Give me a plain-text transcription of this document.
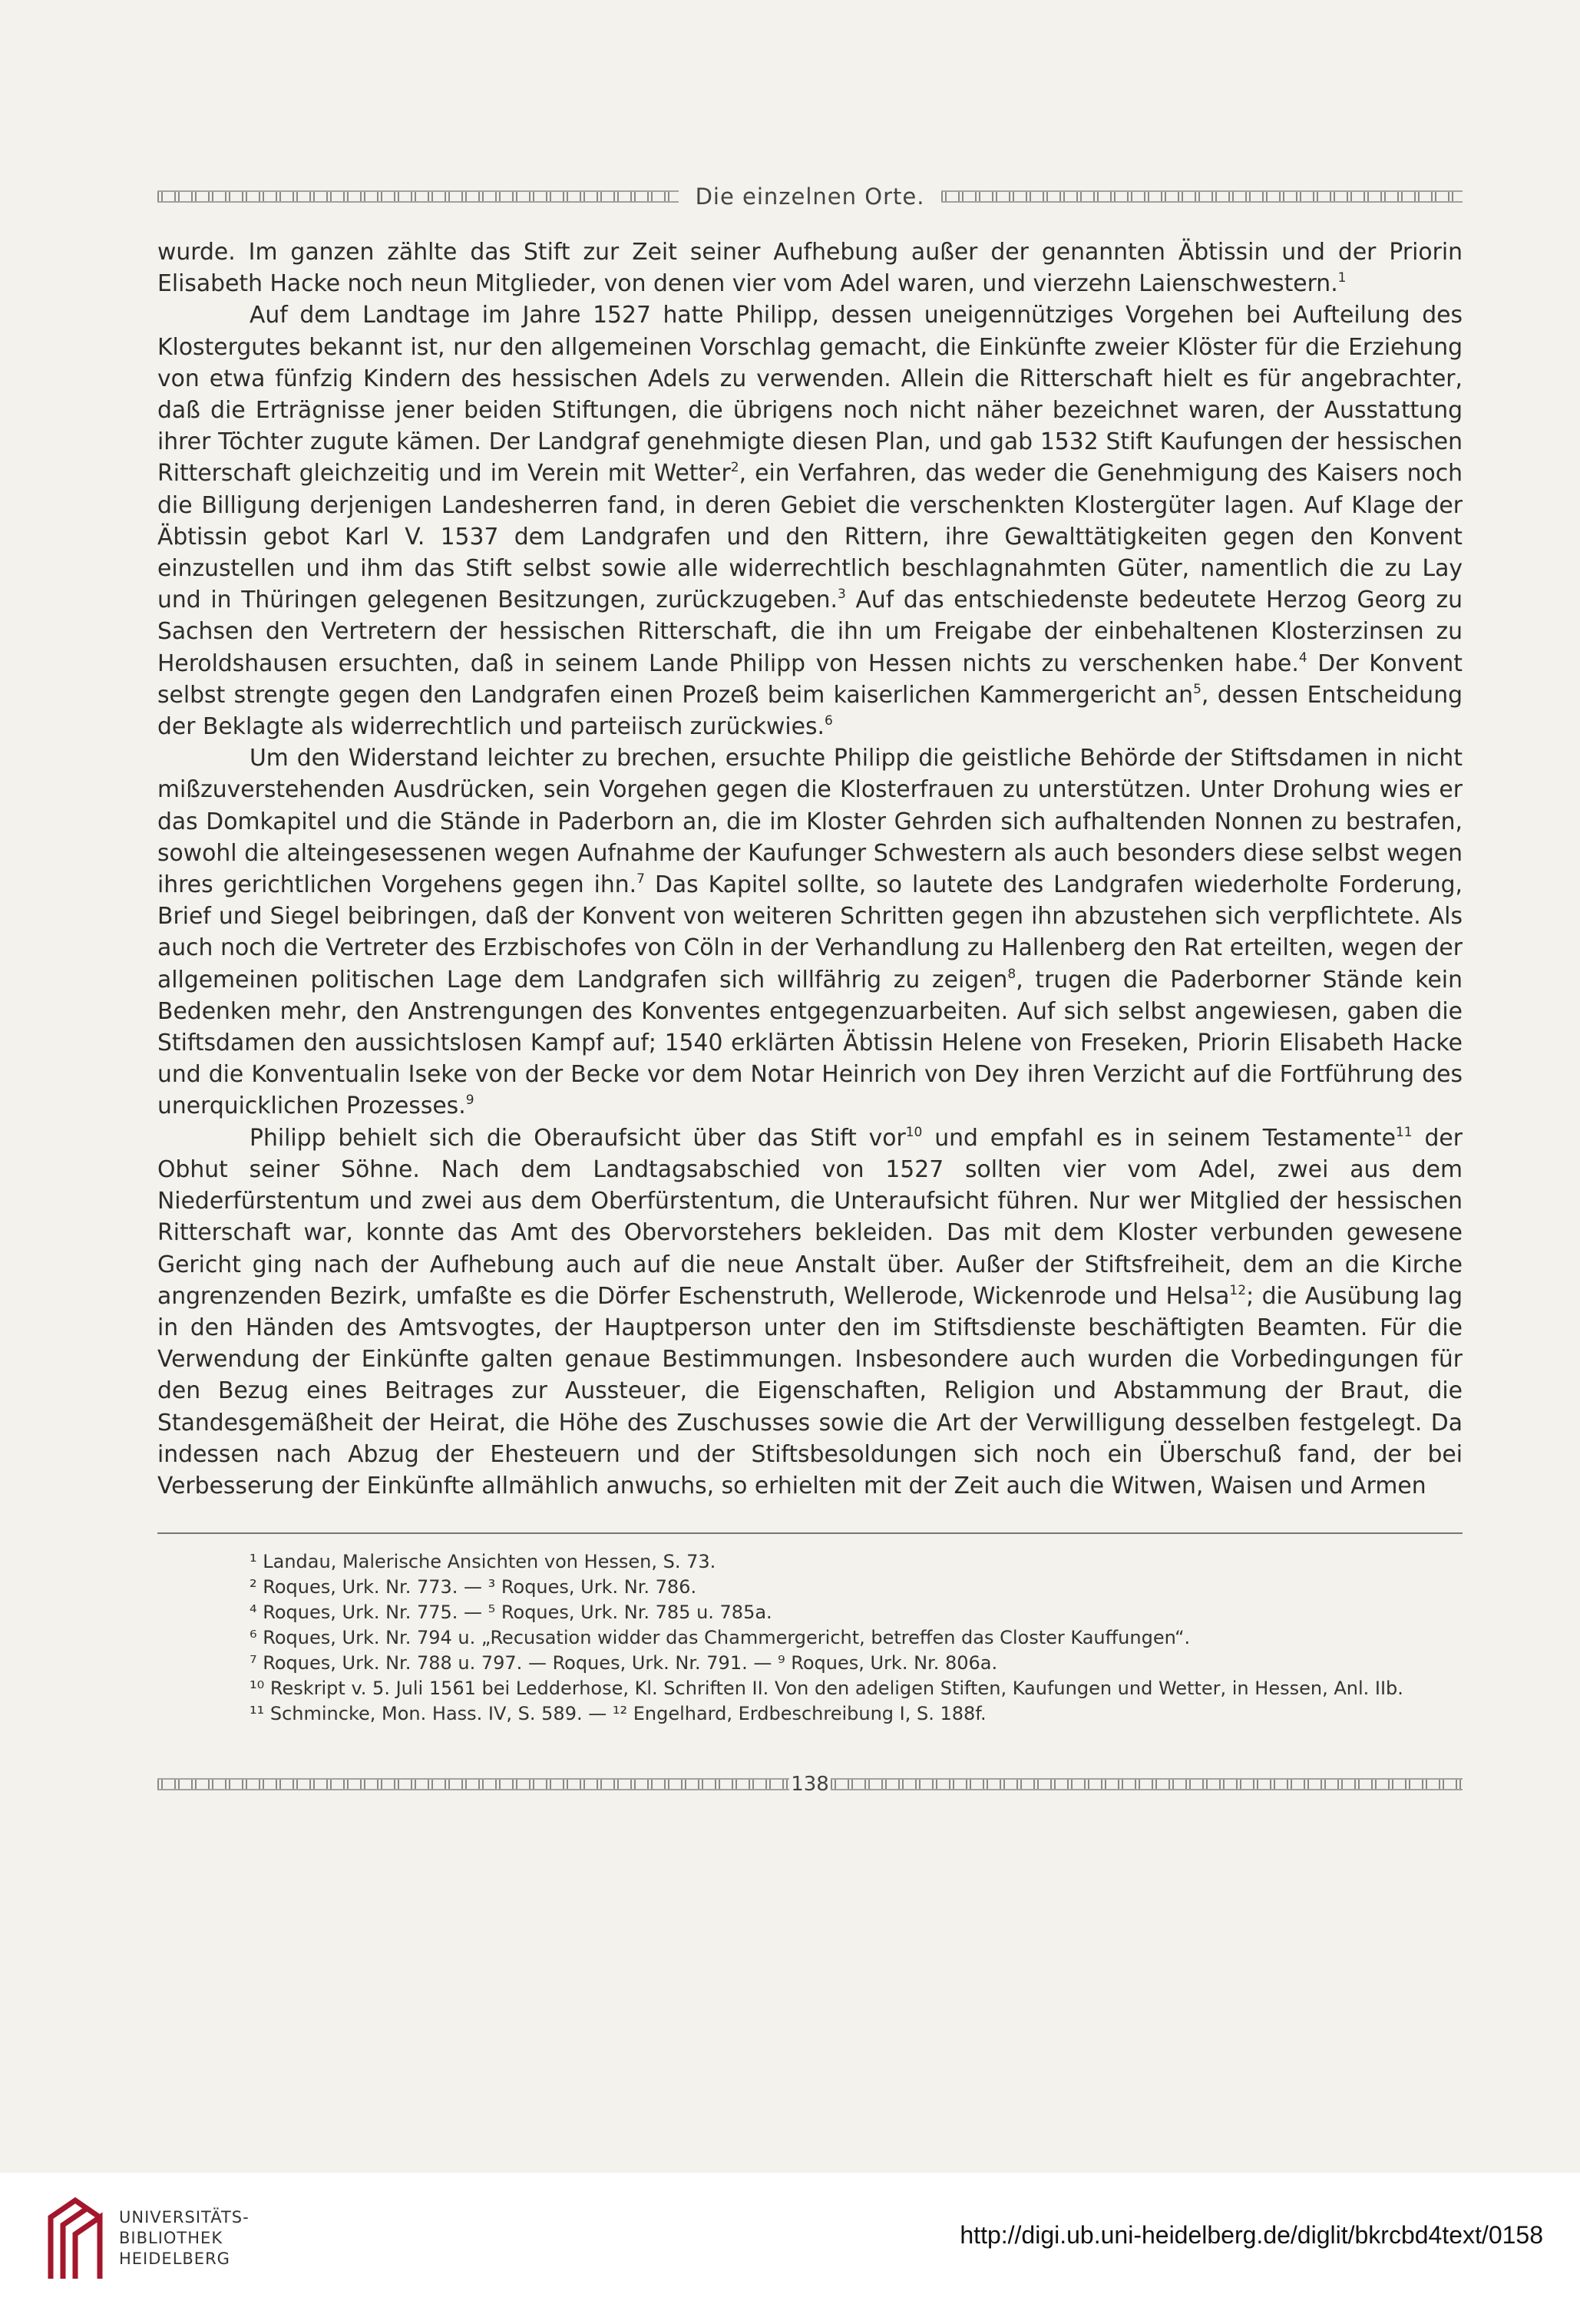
Die einzelnen Orte.

wurde. Im ganzen zählte das Stift zur Zeit seiner Aufhebung außer der genannten Äbtissin und der Priorin Elisabeth Hacke noch neun Mitglieder, von denen vier vom Adel waren, und vierzehn Laienschwestern.$^1$

Auf dem Landtage im Jahre 1527 hatte Philipp, dessen uneigennütziges Vorgehen bei Aufteilung des Klostergutes bekannt ist, nur den allgemeinen Vorschlag gemacht, die Einkünfte zweier Klöster für die Erziehung von etwa fünfzig Kindern des hessischen Adels zu verwenden. Allein die Ritterschaft hielt es für angebrachter, daß die Erträgnisse jener beiden Stiftungen, die übrigens noch nicht näher bezeichnet waren, der Ausstattung ihrer Töchter zugute kämen. Der Landgraf genehmigte diesen Plan, und gab 1532 Stift Kaufungen der hessischen Ritterschaft gleichzeitig und im Verein mit Wetter$^2$, ein Verfahren, das weder die Genehmigung des Kaisers noch die Billigung derjenigen Landesherren fand, in deren Gebiet die verschenkten Klostergüter lagen. Auf Klage der Äbtissin gebot Karl V. 1537 dem Landgrafen und den Rittern, ihre Gewalttätigkeiten gegen den Konvent einzustellen und ihm das Stift selbst sowie alle widerrechtlich beschlagnahmten Güter, namentlich die zu Lay und in Thüringen gelegenen Besitzungen, zurückzugeben.$^3$ Auf das entschiedenste bedeutete Herzog Georg zu Sachsen den Vertretern der hessischen Ritterschaft, die ihn um Freigabe der einbehaltenen Klosterzinsen zu Heroldshausen ersuchten, daß in seinem Lande Philipp von Hessen nichts zu verschenken habe.$^4$ Der Konvent selbst strengte gegen den Landgrafen einen Prozeß beim kaiserlichen Kammergericht $an^5$, dessen Entscheidung der Beklagte als widerrechtlich und parteiisch zurückwies.$^6$

Um den Widerstand leichter zu brechen, ersuchte Philipp die geistliche Behörde der Stiftsdamen in nicht mißzuverstehenden Ausdrücken, sein Vorgehen gegen die Klosterfrauen zu unterstützen. Unter Drohung wies er das Domkapitel und die Stände in Paderborn an, die im Kloster Gehrden sich aufhaltenden Nonnen zu bestrafen, sowohl die alteingesessenen wegen Aufnahme der Kaufunger Schwestern als auch besonders diese selbst wegen ihres gerichtlichen Vorgehens gegen ihn.$^7$ Das Kapitel sollte, so lautete des Landgrafen wiederholte Forderung, Brief und Siegel beibringen, daß der Konvent von weiteren Schritten gegen ihn abzustehen sich verpflichtete. Als auch noch die Vertreter des Erzbischofes von Cöln in der Verhandlung zu Hallenberg den Rat erteilten, wegen der allgemeinen politischen Lage dem Landgrafen sich willfährig zu zeigen$^8$, trugen die Paderborner Stände kein Bedenken mehr, den Anstrengungen des Konventes entgegenzuarbeiten. Auf sich selbst angewiesen, gaben die Stiftsdamen den aussichtslosen Kampf auf; 1540 erklärten Äbtissin Helene von Freseken, Priorin Elisabeth Hacke und die Konventualin Iseke von der Becke vor dem Notar Heinrich von Dey ihren Verzicht auf die Fortführung des unerquicklichen Prozesses.$^9$

Philipp behielt sich die Oberaufsicht über das Stift vor$^{10}$ und empfahl es in seinem Testamente$^{11}$ der Obhut seiner Söhne. Nach dem Landtagsabschied von 1527 sollten vier vom Adel, zwei aus dem Niederfürstentum und zwei aus dem Oberfürstentum, die Unteraufsicht führen. Nur wer Mitglied der hessischen Ritterschaft war, konnte das Amt des Obervorstehers bekleiden. Das mit dem Kloster verbunden gewesene Gericht ging nach der Aufhebung auch auf die neue Anstalt über. Außer der Stiftsfreiheit, dem an die Kirche angrenzenden Bezirk, umfaßte es die Dörfer Eschenstruth, Wellerode, Wickenrode und Helsa$^{12}$; die Ausübung lag in den Händen des Amtsvogtes, der Hauptperson unter den im Stiftsdienste beschäftigten Beamten. Für die Verwendung der Einkünfte galten genaue Bestimmungen. Insbesondere auch wurden die Vorbedingungen für den Bezug eines Beitrages zur Aussteuer, die Eigenschaften, Religion und Abstammung der Braut, die Standesgemäßheit der Heirat, die Höhe des Zuschusses sowie die Art der Verwilligung desselben festgelegt. Da indessen nach Abzug der Ehesteuern und der Stiftsbesoldungen sich noch ein Überschuß fand, der bei Verbesserung der Einkünfte allmählich anwuchs, so erhielten mit der Zeit auch die Witwen, Waisen und Armen

¹ Landau, Malerische Ansichten von Hessen, S. 73.
² Roques, Urk. Nr. 773. — ³ Roques, Urk. Nr. 786.
⁴ Roques, Urk. Nr. 775. — ⁵ Roques, Urk. Nr. 785 u. 785a.
⁶ Roques, Urk. Nr. 794 u. „Recusation widder das Chammergericht, betreffen das Closter Kauffungen“.
⁷ Roques, Urk. Nr. 788 u. 797. — Roques, Urk. Nr. 791. — ⁹ Roques, Urk. Nr. 806a.
¹⁰ Reskript v. 5. Juli 1561 bei Ledderhose, Kl. Schriften II. Von den adeligen Stiften, Kaufungen und Wetter, in Hessen, Anl. IIb.
¹¹ Schmincke, Mon. Hass. IV, S. 589. — ¹² Engelhard, Erdbeschreibung I, S. 188f.
138
UNIVERSITÄTS-
BIBLIOTHEK
HEIDELBERG
http://digi.ub.uni-heidelberg.de/diglit/bkrcbd4text/0158
